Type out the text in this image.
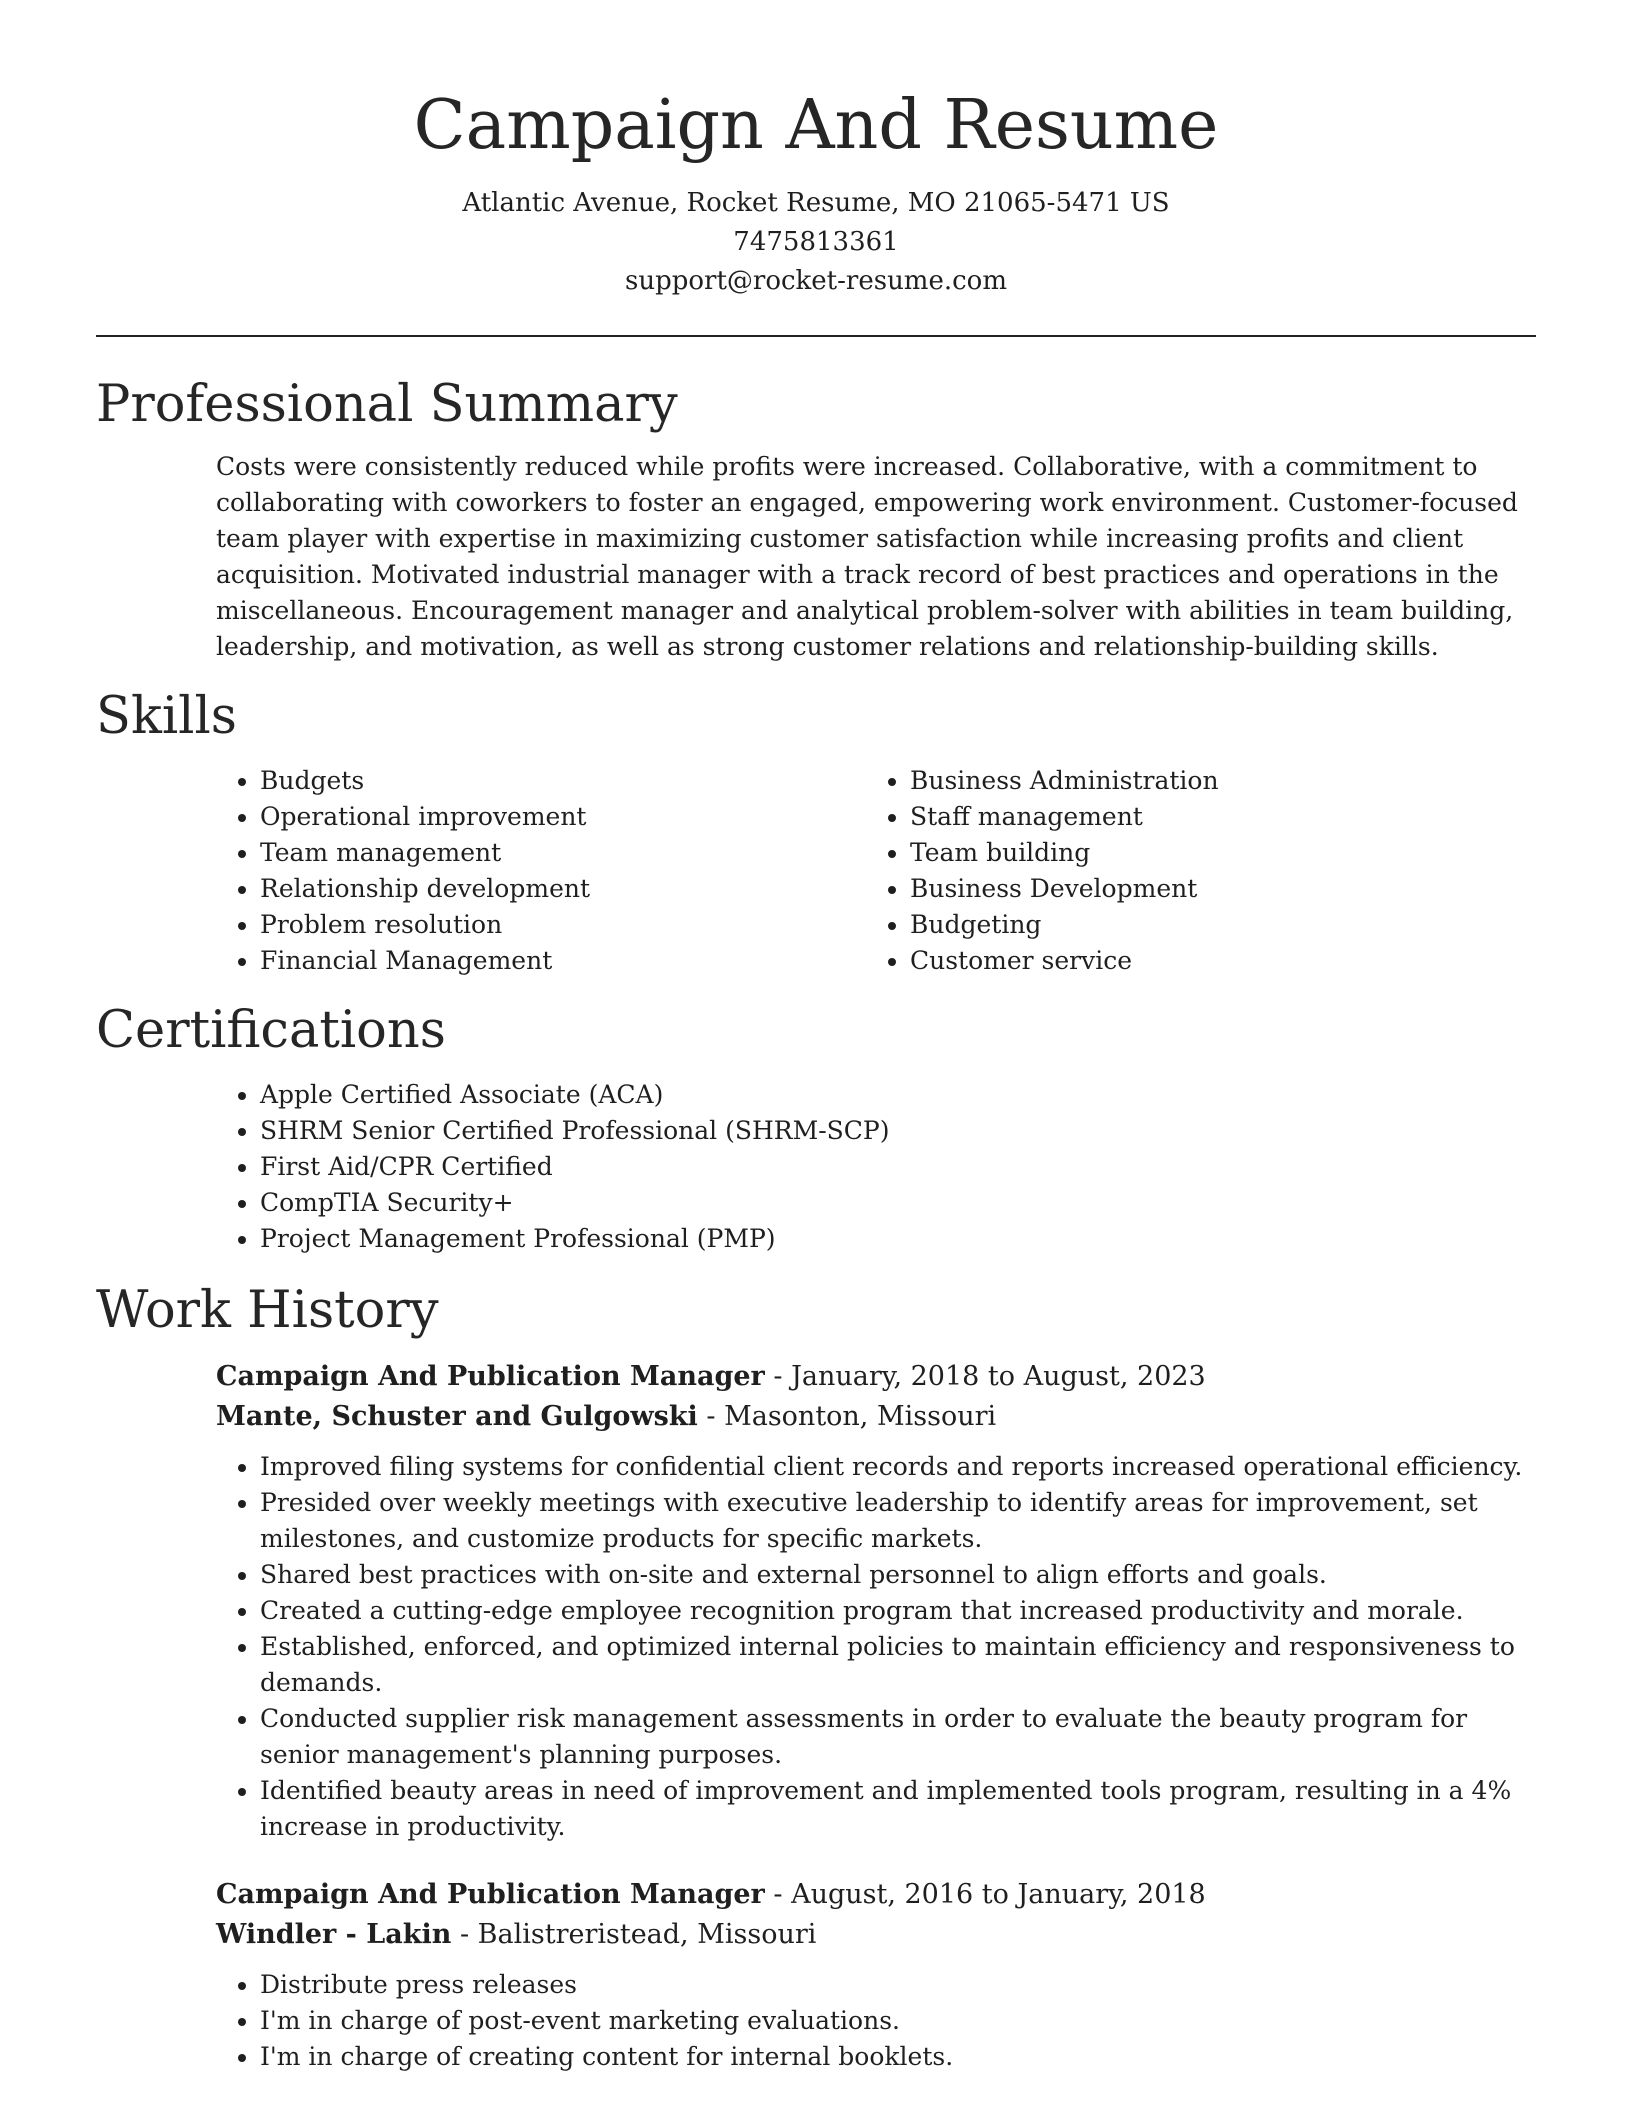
Campaign And Resume

Atlantic Avenue, Rocket Resume, MO 21065-5471 US

7475813361

support@rocket-resume.com

Professional Summary

Costs were consistently reduced while profits were increased. Collaborative, with a commitment to collaborating with coworkers to foster an engaged, empowering work environment. Customer-focused team player with expertise in maximizing customer satisfaction while increasing profits and client acquisition. Motivated industrial manager with a track record of best practices and operations in the miscellaneous. Encouragement manager and analytical problem-solver with abilities in team building, leadership, and motivation, as well as strong customer relations and relationship-building skills.

Skills
• Budgets
• Operational improvement
• Team management
• Relationship development
• Problem resolution
• Financial Management
• Business Administration
• Staff management
• Team building
• Business Development
• Budgeting
• Customer service
Certifications
• Apple Certified Associate (ACA)
• SHRM Senior Certified Professional (SHRM-SCP)
• First Aid/CPR Certified
• CompTIA Security+
• Project Management Professional (PMP)
Work History
Campaign And Publication Manager - January, 2018 to August, 2023
Mante, Schuster and Gulgowski - Masonton, Missouri
• Improved filing systems for confidential client records and reports increased operational efficiency.
• Presided over weekly meetings with executive leadership to identify areas for improvement, set milestones, and customize products for specific markets.
• Shared best practices with on-site and external personnel to align efforts and goals.
• Created a cutting-edge employee recognition program that increased productivity and morale.
• Established, enforced, and optimized internal policies to maintain efficiency and responsiveness to demands.
• Conducted supplier risk management assessments in order to evaluate the beauty program for senior management's planning purposes.
• Identified beauty areas in need of improvement and implemented tools program, resulting in a 4% increase in productivity.
Campaign And Publication Manager - August, 2016 to January, 2018
Windler - Lakin - Balistreristead, Missouri
• Distribute press releases
• I'm in charge of post-event marketing evaluations.
• I'm in charge of creating content for internal booklets.
